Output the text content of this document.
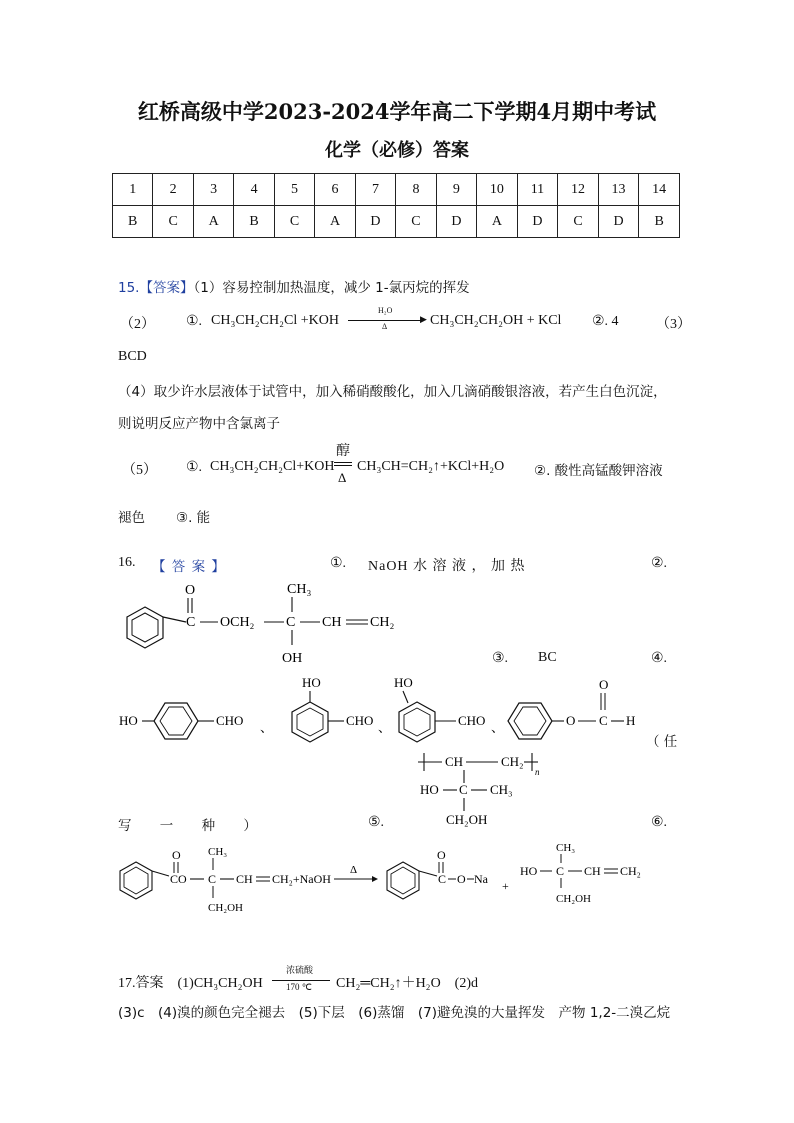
红桥高级中学2023-2024学年高二下学期4月期中考试
化学（必修）答案
1	2	3	4	5	6	7	8	9	10	11	12	13	14
B	C	A	B	C	A	D	C	D	A	D	C	D	B
15.【答案】（1）容易控制加热温度，减少 1-氯丙烷的挥发
（2） ①. CH₃CH₂CH₂Cl +KOH
H₂O
▶
Δ	CH₃CH₂CH₂OH + KCl ②. 4	（3）
BCD
（4）取少许水层液体于试管中，加入稀硝酸酸化，加入几滴硝酸银溶液，若产生白色沉淀，
则说明反应产物中含氯离子
（5） ①. CH₃CH₂CH₂Cl+KOH
醇
Δ
CH₃CH=CH₂↑+KCl+H₂O ②. 酸性高锰酸钾溶液
褪色 ③. 能
16. 【 答 案 】	①. NaOH 水 溶 液 ， 加 热	②.
O
C OCH₂
CH₃
C
OH
CH CH₂
③. BC	④.
HO	CHO 、
HO
CHO 、
HO
CHO 、	O
O
C H
（ 任
CH	CH₂
n
HO C CH₃
CH₂OH
写 一 种 ）	⑤.	⑥.
O
CO
CH₃
C
CH₂OH
CH CH₂+NaOH
Δ
O
C O Na +
HO
CH₃
C
CH₂OH
CH CH₂
17.答案　(1)CH₃CH₂OH
浓硫酸
170 ℃ CH₂═CH₂↑＋H₂O　(2)d
(3)c　(4)溴的颜色完全褪去　(5)下层　(6)蒸馏　(7)避免溴的大量挥发　产物 1,2-二溴乙烷
